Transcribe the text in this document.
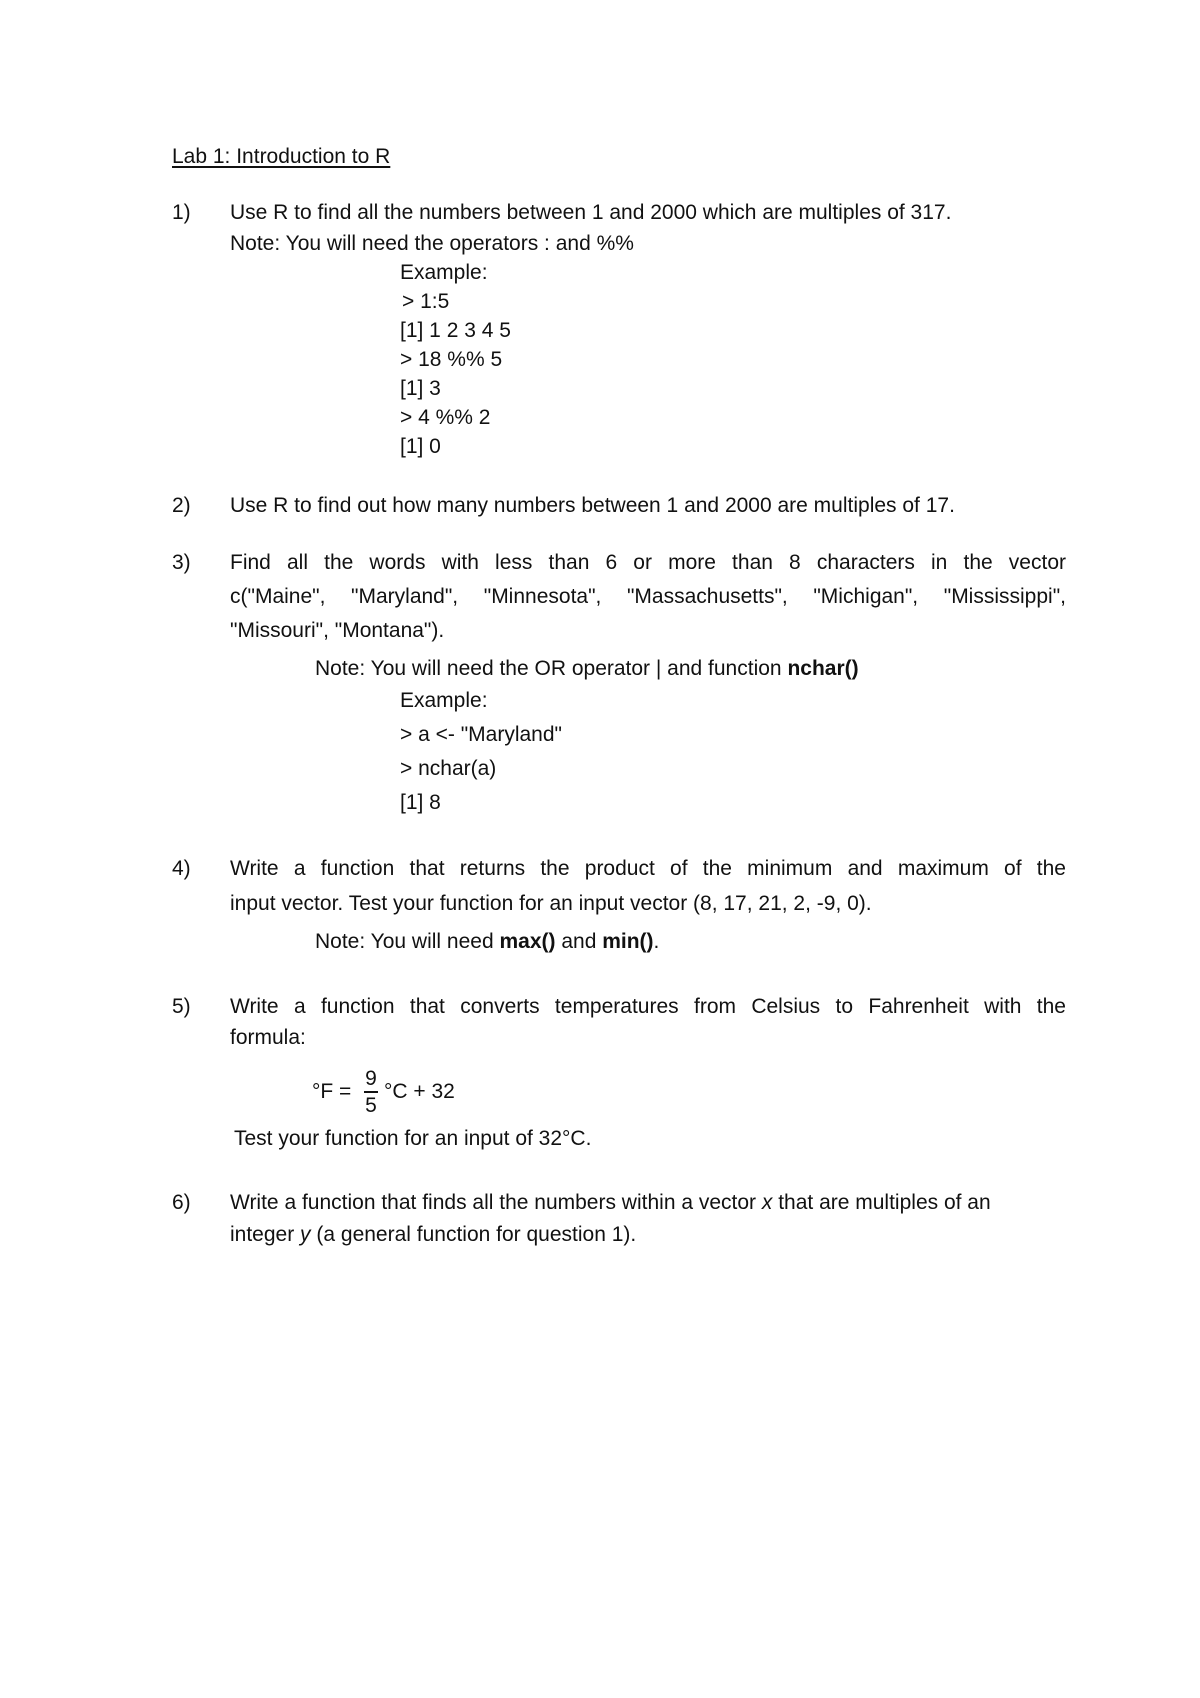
Lab 1: Introduction to R
1) Use R to find all the numbers between 1 and 2000 which are multiples of 317.
Note: You will need the operators : and %%
Example:
> 1:5
[1] 1 2 3 4 5
> 18 %% 5
[1] 3
> 4 %% 2
[1] 0
2) Use R to find out how many numbers between 1 and 2000 are multiples of 17.
3) Find all the words with less than 6 or more than 8 characters in the vector
c("Maine", "Maryland", "Minnesota", "Massachusetts", "Michigan", "Mississippi",
"Missouri", "Montana").
Note: You will need the OR operator | and function nchar()
Example:
> a <- "Maryland"
> nchar(a)
[1] 8
4) Write a function that returns the product of the minimum and maximum of the
input vector. Test your function for an input vector (8, 17, 21, 2, -9, 0).
Note: You will need max() and min().
5) Write a function that converts temperatures from Celsius to Fahrenheit with the
formula:
°F =
9
5
°C + 32
Test your function for an input of 32°C.
6) Write a function that finds all the numbers within a vector x that are multiples of an
integer y (a general function for question 1).
